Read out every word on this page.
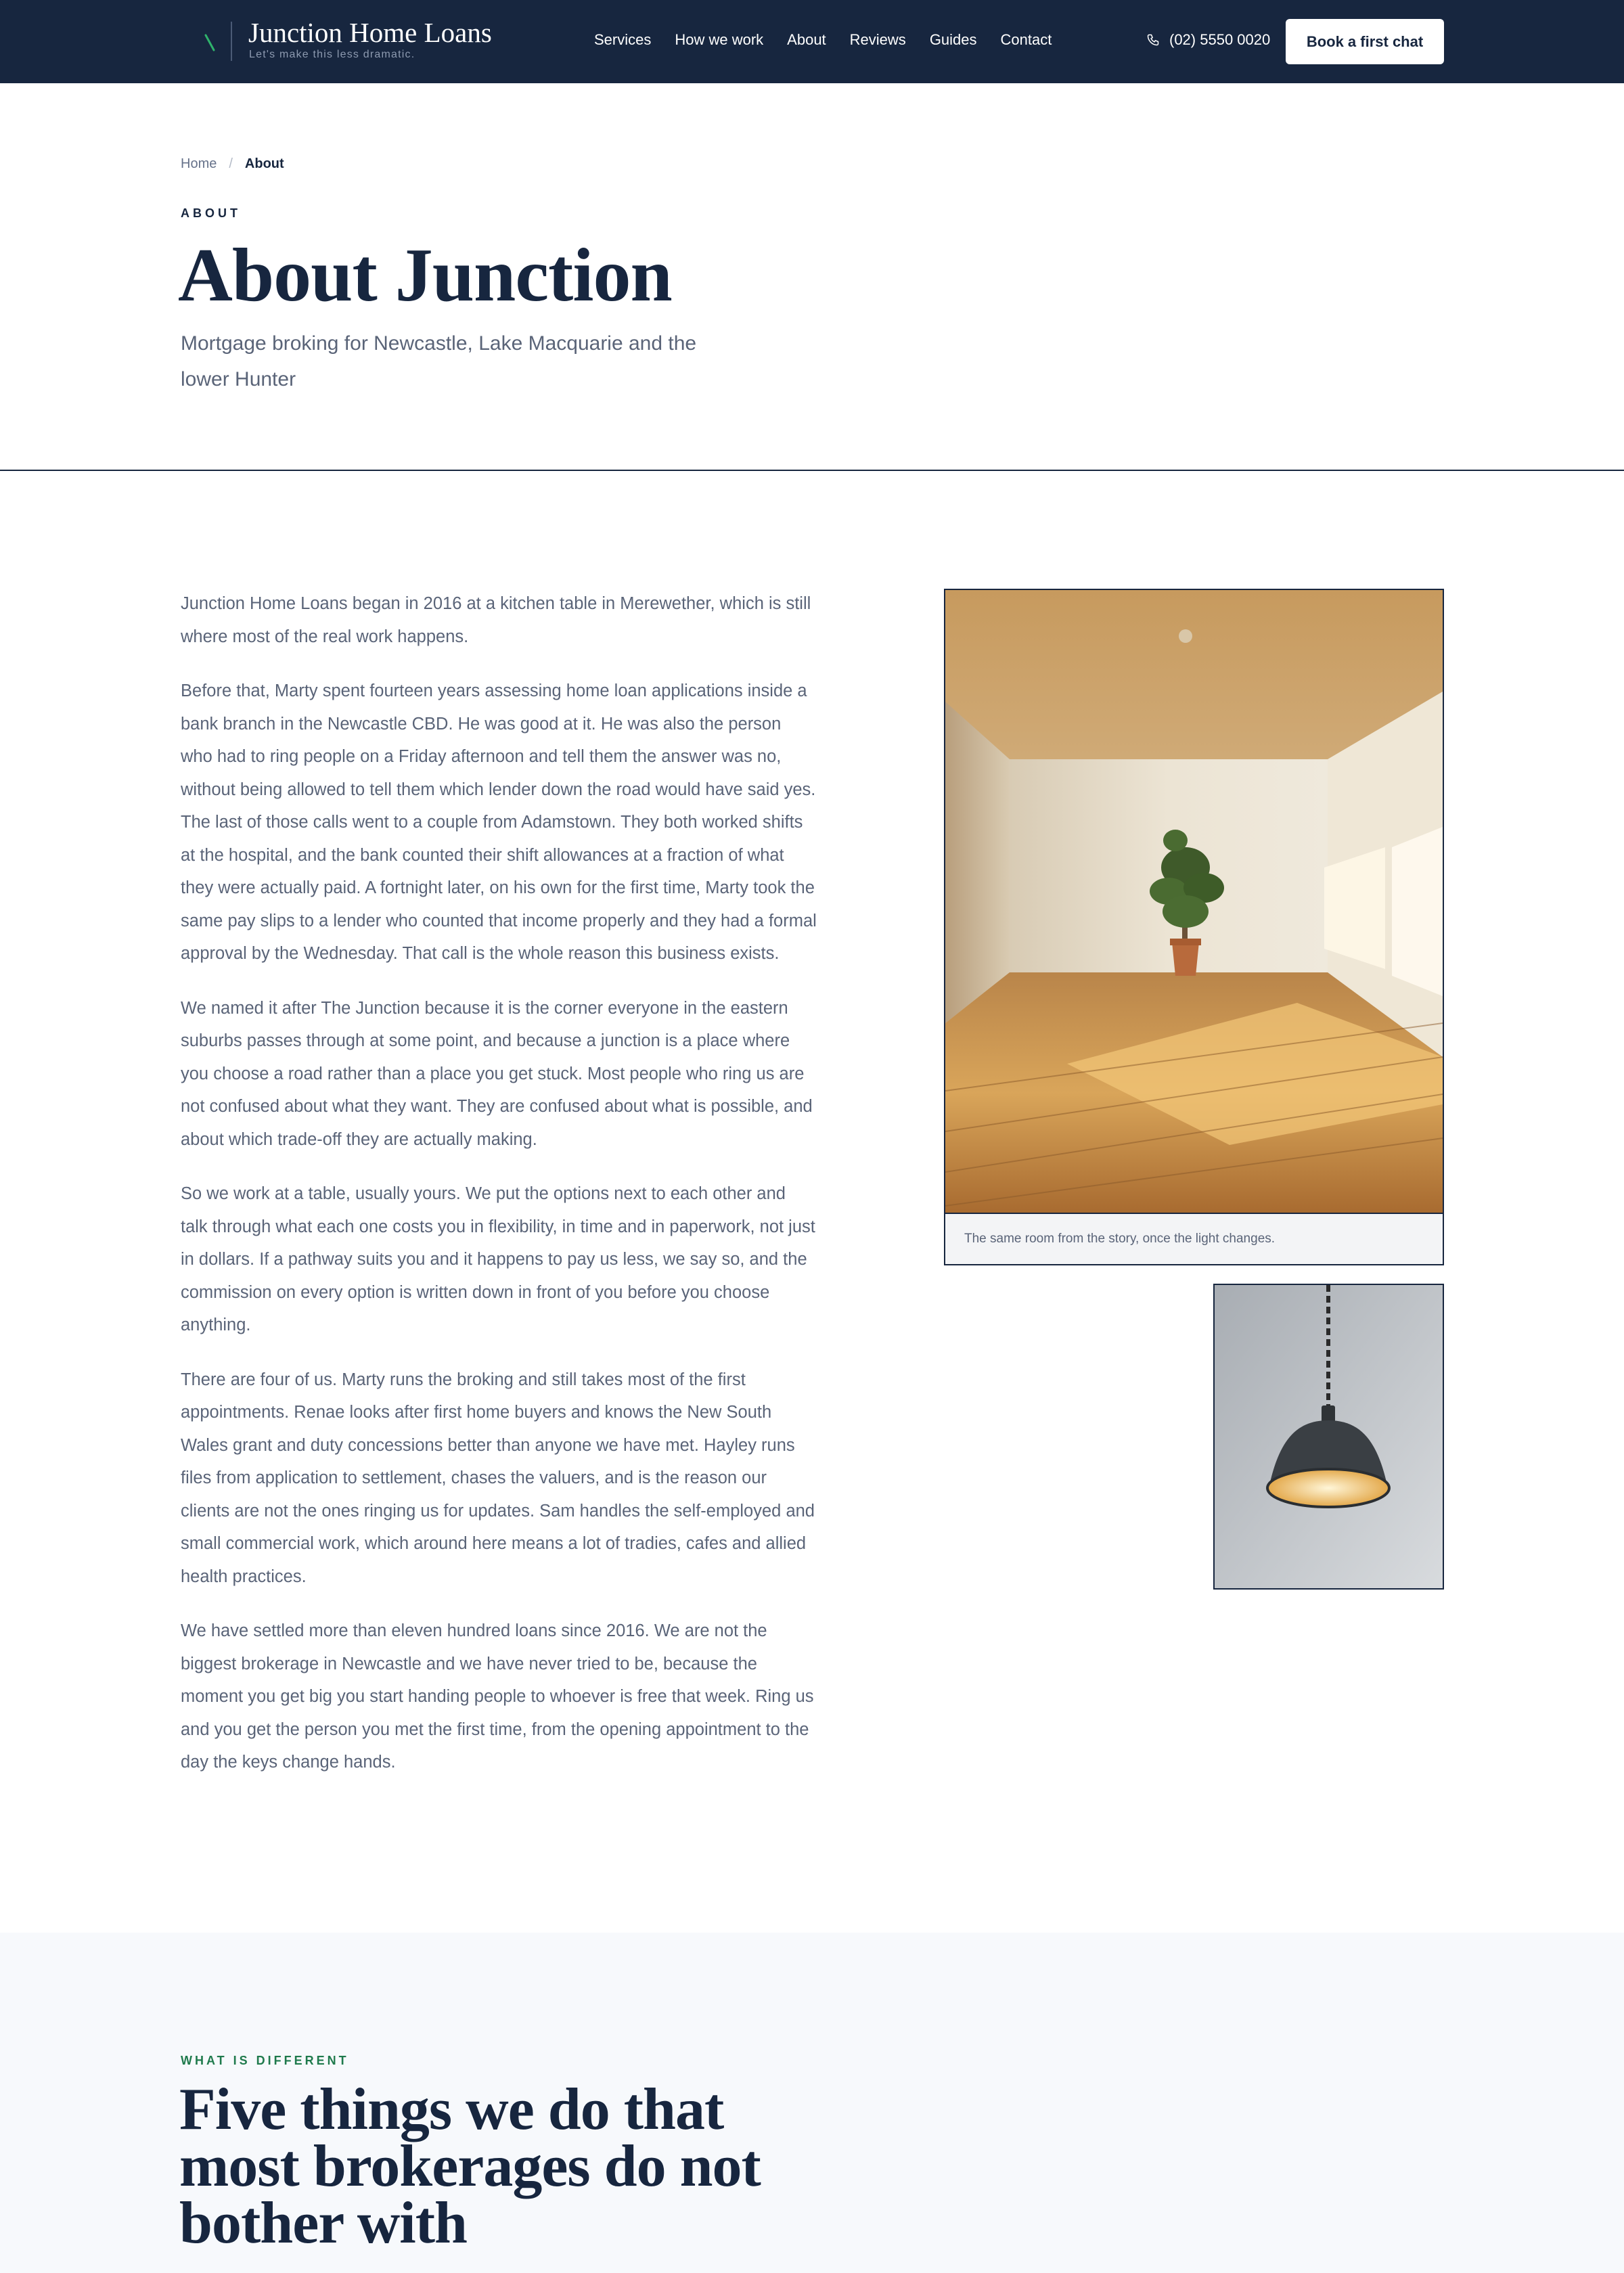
Junction Home Loans
Let's make this less dramatic.
Services How we work About Reviews Guides Contact	(02) 5550 0020	Book a first chat
Home / About
ABOUT
About Junction

Mortgage broking for Newcastle, Lake Macquarie and the lower Hunter

Junction Home Loans began in 2016 at a kitchen table in Merewether, which is still where most of the real work happens.

Before that, Marty spent fourteen years assessing home loan applications inside a bank branch in the Newcastle CBD. He was good at it. He was also the person who had to ring people on a Friday afternoon and tell them the answer was no, without being allowed to tell them which lender down the road would have said yes. The last of those calls went to a couple from Adamstown. They both worked shifts at the hospital, and the bank counted their shift allowances at a fraction of what they were actually paid. A fortnight later, on his own for the first time, Marty took the same pay slips to a lender who counted that income properly and they had a formal approval by the Wednesday. That call is the whole reason this business exists.

We named it after The Junction because it is the corner everyone in the eastern suburbs passes through at some point, and because a junction is a place where you choose a road rather than a place you get stuck. Most people who ring us are not confused about what they want. They are confused about what is possible, and about which trade-off they are actually making.

So we work at a table, usually yours. We put the options next to each other and talk through what each one costs you in flexibility, in time and in paperwork, not just in dollars. If a pathway suits you and it happens to pay us less, we say so, and the commission on every option is written down in front of you before you choose anything.

There are four of us. Marty runs the broking and still takes most of the first appointments. Renae looks after first home buyers and knows the New South Wales grant and duty concessions better than anyone we have met. Hayley runs files from application to settlement, chases the valuers, and is the reason our clients are not the ones ringing us for updates. Sam handles the self-employed and small commercial work, which around here means a lot of tradies, cafes and allied health practices.

We have settled more than eleven hundred loans since 2016. We are not the biggest brokerage in Newcastle and we have never tried to be, because the moment you get big you start handing people to whoever is free that week. Ring us and you get the person you met the first time, from the opening appointment to the day the keys change hands.

The same room from the story, once the light changes.
WHAT IS DIFFERENT
Five things we do that most brokerages do not bother with
